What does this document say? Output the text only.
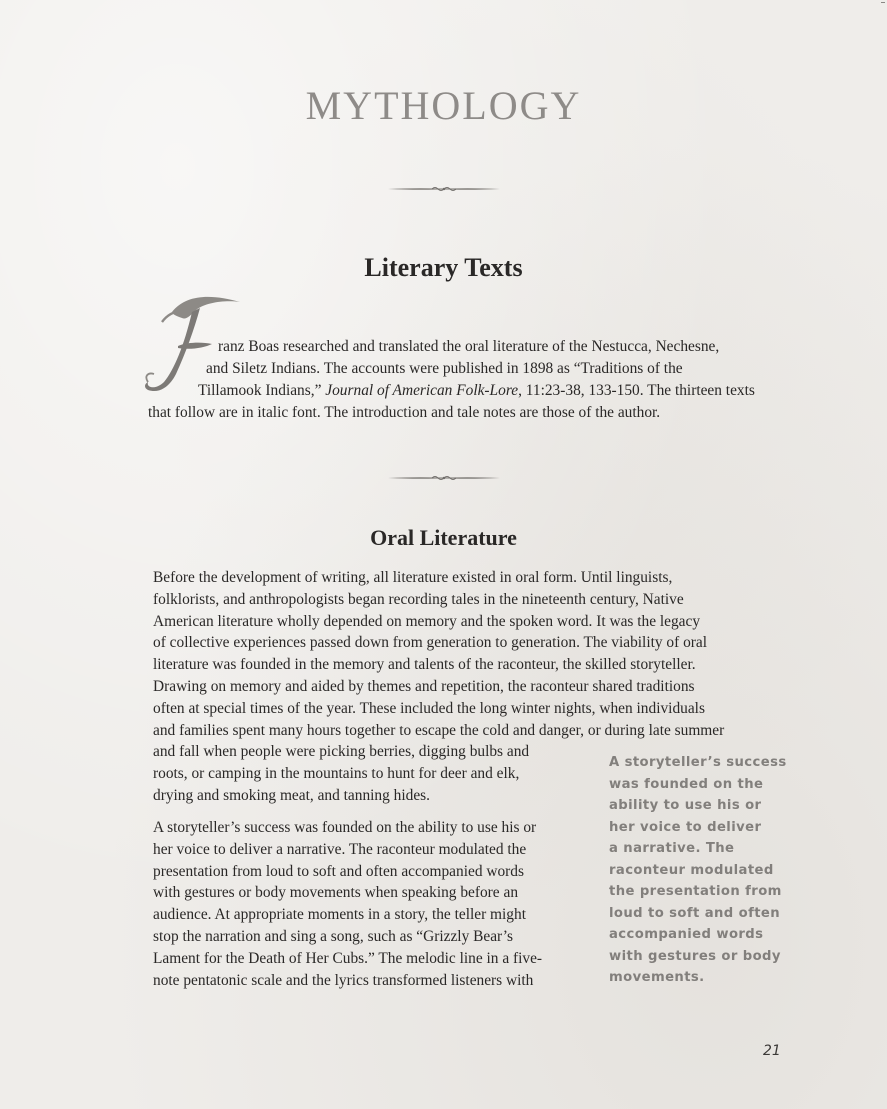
MYTHOLOGY
Literary Texts

ranz Boas researched and translated the oral literature of the Nestucca, Nechesne,
and Siletz Indians. The accounts were published in 1898 as “Traditions of the
Tillamook Indians,” Journal of American Folk-Lore, 11:23-38, 133-150. The thirteen texts
that follow are in italic font. The introduction and tale notes are those of the author.

Oral Literature

Before the development of writing, all literature existed in oral form. Until linguists,
folklorists, and anthropologists began recording tales in the nineteenth century, Native
American literature wholly depended on memory and the spoken word. It was the legacy
of collective experiences passed down from generation to generation. The viability of oral
literature was founded in the memory and talents of the raconteur, the skilled storyteller.
Drawing on memory and aided by themes and repetition, the raconteur shared traditions
often at special times of the year. These included the long winter nights, when individuals
and families spent many hours together to escape the cold and danger, or during late summer
and fall when people were picking berries, digging bulbs and
roots, or camping in the mountains to hunt for deer and elk,
drying and smoking meat, and tanning hides.

A storyteller’s success was founded on the ability to use his or
her voice to deliver a narrative. The raconteur modulated the
presentation from loud to soft and often accompanied words
with gestures or body movements when speaking before an
audience. At appropriate moments in a story, the teller might
stop the narration and sing a song, such as “Grizzly Bear’s
Lament for the Death of Her Cubs.” The melodic line in a five-
note pentatonic scale and the lyrics transformed listeners with

A storyteller’s success
was founded on the
ability to use his or
her voice to deliver
a narrative. The
raconteur modulated
the presentation from
loud to soft and often
accompanied words
with gestures or body
movements.
21
